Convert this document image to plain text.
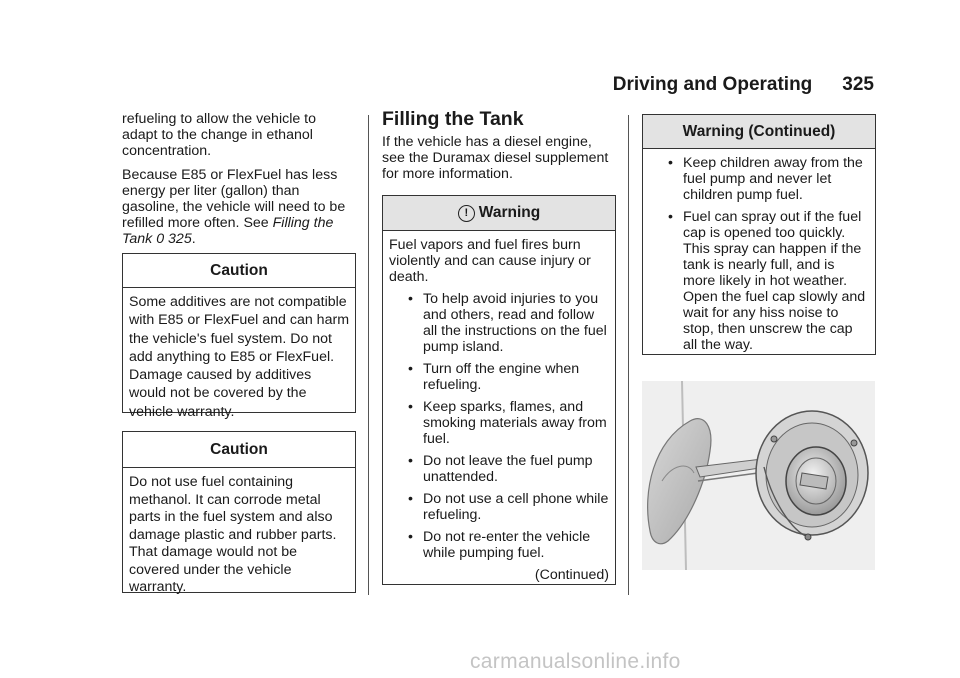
Driving and Operating 325

refueling to allow the vehicle to adapt to the change in ethanol concentration.

Because E85 or FlexFuel has less energy per liter (gallon) than gasoline, the vehicle will need to be refilled more often. See Filling the Tank 0 325.

Caution
Some additives are not compatible with E85 or FlexFuel and can harm the vehicle's fuel system. Do not add anything to E85 or FlexFuel. Damage caused by additives would not be covered by the vehicle warranty.
Caution
Do not use fuel containing methanol. It can corrode metal parts in the fuel system and also damage plastic and rubber parts. That damage would not be covered under the vehicle warranty.
Filling the Tank

If the vehicle has a diesel engine, see the Duramax diesel supplement for more information.

! Warning
Fuel vapors and fuel fires burn violently and can cause injury or death.
• To help avoid injuries to you and others, read and follow all the instructions on the fuel pump island.
• Turn off the engine when refueling.
• Keep sparks, flames, and smoking materials away from fuel.
• Do not leave the fuel pump unattended.
• Do not use a cell phone while refueling.
• Do not re-enter the vehicle while pumping fuel.
(Continued)
Warning (Continued)
• Keep children away from the fuel pump and never let children pump fuel.
• Fuel can spray out if the fuel cap is opened too quickly. This spray can happen if the tank is nearly full, and is more likely in hot weather. Open the fuel cap slowly and wait for any hiss noise to stop, then unscrew the cap all the way.
carmanualsonline.info
